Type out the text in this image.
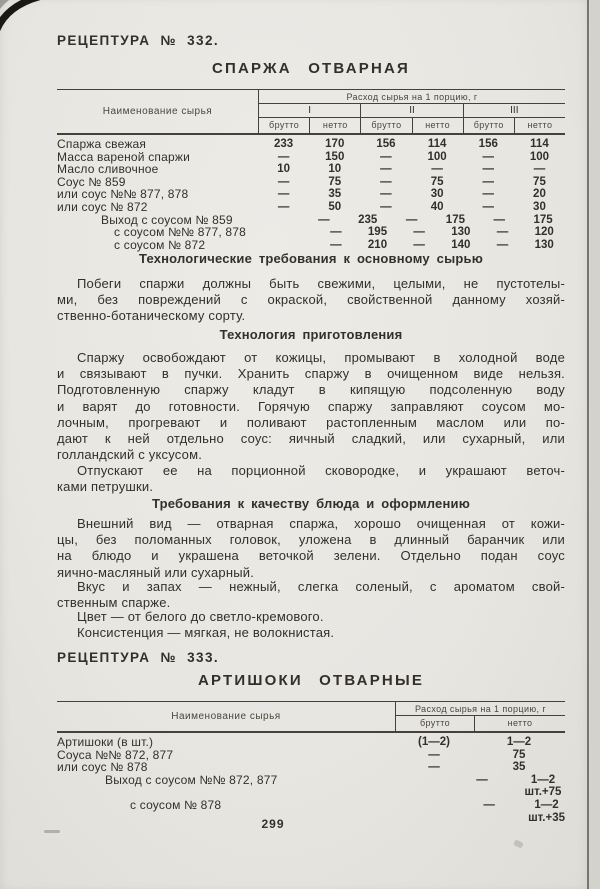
РЕЦЕПТУРА № 332.
СПАРЖА ОТВАРНАЯ
Наименование сырья
Расход сырья на 1 порцию, г
I	II	III
брутто	нетто	брутто	нетто	брутто	нетто
Спаржа свежая	233	170	156	114	156	114
Масса вареной спаржи	—	150	—	100	—	100
Масло сливочное	10	10	—	—	—	—
Соус № 859	—	75	—	75	—	75
или соус №№ 877, 878	—	35	—	30	—	20
или соус № 872	—	50	—	40	—	30
Выход с соусом № 859	—	235	—	175	—	175
с соусом №№ 877, 878	—	195	—	130	—	120
с соусом № 872	—	210	—	140	—	130
Технологические требования к основному сырью
Побеги спаржи должны быть свежими, целыми, не пустотелы-
ми, без повреждений с окраской, свойственной данному хозяй-
ственно-ботаническому сорту.
Технология приготовления
Спаржу освобождают от кожицы, промывают в холодной воде
и связывают в пучки. Хранить спаржу в очищенном виде нельзя.
Подготовленную спаржу кладут в кипящую подсоленную воду
и варят до готовности. Горячую спаржу заправляют соусом мо-
лочным, прогревают и поливают растопленным маслом или по-
дают к ней отдельно соус: яичный сладкий, или сухарный, или
голландский с уксусом.
Отпускают ее на порционной сковородке, и украшают веточ-
ками петрушки.
Требования к качеству блюда и оформлению
Внешний вид — отварная спаржа, хорошо очищенная от кожи-
цы, без поломанных головок, уложена в длинный баранчик или
на блюдо и украшена веточкой зелени. Отдельно подан соус
яично-масляный или сухарный.
Вкус и запах — нежный, слегка соленый, с ароматом свой-
ственным спарже.
Цвет — от белого до светло-кремового.
Консистенция — мягкая, не волокнистая.
РЕЦЕПТУРА № 333.
АРТИШОКИ ОТВАРНЫЕ
Наименование сырья
Расход сырья на 1 порцию, г
брутто	нетто
Артишоки (в шт.)	(1—2)	1—2
Соуса №№ 872, 877	—	75
или соус № 878	—	35
Выход с соусом №№ 872, 877	—	1—2 шт.+75
с соусом № 878	—	1—2 шт.+35
299
